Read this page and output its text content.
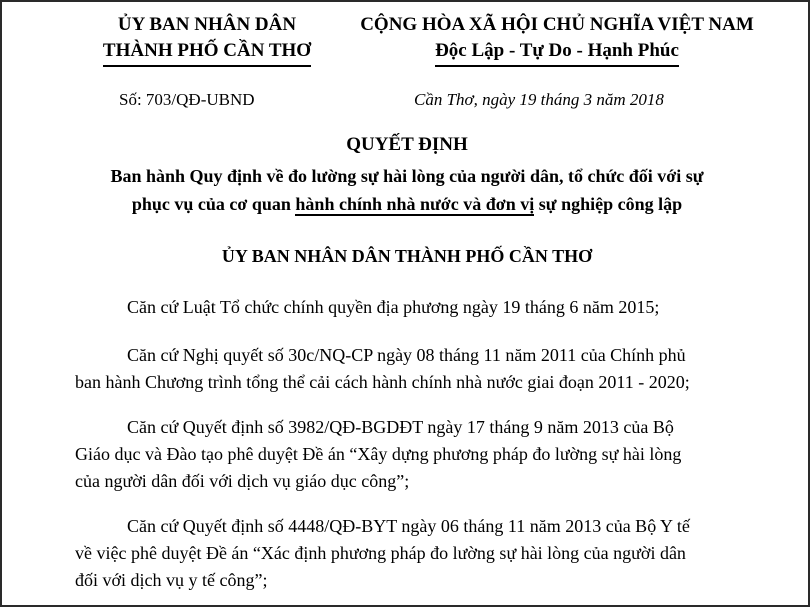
ỦY BAN NHÂN DÂN
THÀNH PHỐ CẦN THƠ
CỘNG HÒA XÃ HỘI CHỦ NGHĨA VIỆT NAM
Độc Lập - Tự Do - Hạnh Phúc
Số: 703/QĐ-UBND	Cần Thơ, ngày 19 tháng 3 năm 2018
QUYẾT ĐỊNH
Ban hành Quy định về đo lường sự hài lòng của người dân, tổ chức đối với sự
phục vụ của cơ quan hành chính nhà nước và đơn vị sự nghiệp công lập
ỦY BAN NHÂN DÂN THÀNH PHỐ CẦN THƠ
Căn cứ Luật Tổ chức chính quyền địa phương ngày 19 tháng 6 năm 2015;
Căn cứ Nghị quyết số 30c/NQ-CP ngày 08 tháng 11 năm 2011 của Chính phủ
ban hành Chương trình tổng thể cải cách hành chính nhà nước giai đoạn 2011 - 2020;
Căn cứ Quyết định số 3982/QĐ-BGDĐT ngày 17 tháng 9 năm 2013 của Bộ
Giáo dục và Đào tạo phê duyệt Đề án “Xây dựng phương pháp đo lường sự hài lòng
của người dân đối với dịch vụ giáo dục công”;
Căn cứ Quyết định số 4448/QĐ-BYT ngày 06 tháng 11 năm 2013 của Bộ Y tế
về việc phê duyệt Đề án “Xác định phương pháp đo lường sự hài lòng của người dân
đối với dịch vụ y tế công”;
